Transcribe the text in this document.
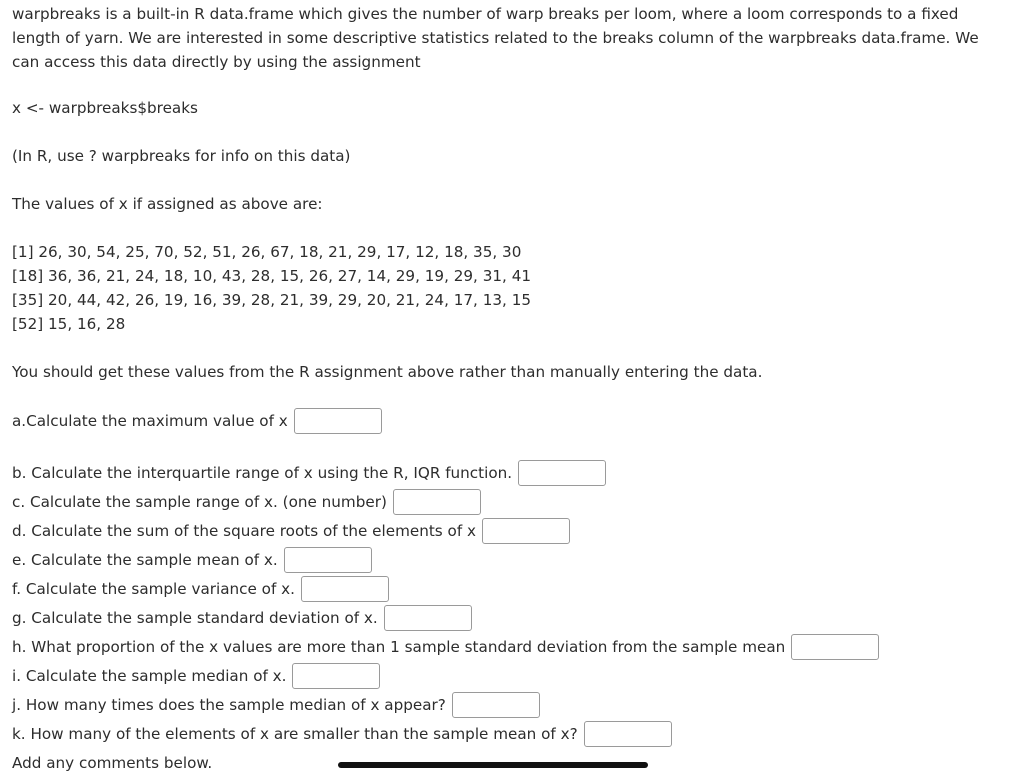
warpbreaks is a built-in R data.frame which gives the number of warp breaks per loom, where a loom corresponds to a fixed

length of yarn. We are interested in some descriptive statistics related to the breaks column of the warpbreaks data.frame. We

can access this data directly by using the assignment

x <- warpbreaks$breaks

(In R, use ? warpbreaks for info on this data)

The values of x if assigned as above are:

[1] 26, 30, 54, 25, 70, 52, 51, 26, 67, 18, 21, 29, 17, 12, 18, 35, 30

[18] 36, 36, 21, 24, 18, 10, 43, 28, 15, 26, 27, 14, 29, 19, 29, 31, 41

[35] 20, 44, 42, 26, 19, 16, 39, 28, 21, 39, 29, 20, 21, 24, 17, 13, 15

[52] 15, 16, 28

You should get these values from the R assignment above rather than manually entering the data.

a.Calculate the maximum value of x
b. Calculate the interquartile range of x using the R, IQR function.
c. Calculate the sample range of x. (one number)
d. Calculate the sum of the square roots of the elements of x
e. Calculate the sample mean of x.
f. Calculate the sample variance of x.
g. Calculate the sample standard deviation of x.
h. What proportion of the x values are more than 1 sample standard deviation from the sample mean
i. Calculate the sample median of x.
j. How many times does the sample median of x appear?
k. How many of the elements of x are smaller than the sample mean of x?
Add any comments below.
